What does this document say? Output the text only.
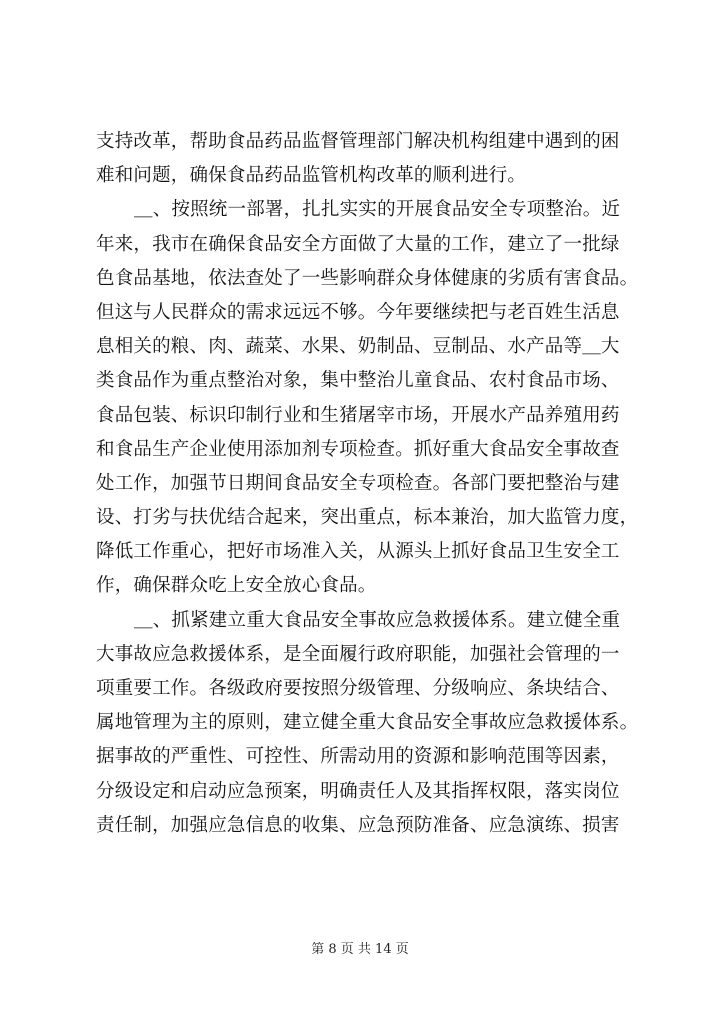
支持改革，帮助食品药品监督管理部门解决机构组建中遇到的困
难和问题，确保食品药品监管机构改革的顺利进行。
＿、按照统一部署，扎扎实实的开展食品安全专项整治。近
年来，我市在确保食品安全方面做了大量的工作，建立了一批绿
色食品基地，依法查处了一些影响群众身体健康的劣质有害食品。
但这与人民群众的需求远远不够。今年要继续把与老百姓生活息
息相关的粮、肉、蔬菜、水果、奶制品、豆制品、水产品等＿大
类食品作为重点整治对象，集中整治儿童食品、农村食品市场、
食品包装、标识印制行业和生猪屠宰市场，开展水产品养殖用药
和食品生产企业使用添加剂专项检查。抓好重大食品安全事故查
处工作，加强节日期间食品安全专项检查。各部门要把整治与建
设、打劣与扶优结合起来，突出重点，标本兼治，加大监管力度，
降低工作重心，把好市场准入关，从源头上抓好食品卫生安全工
作，确保群众吃上安全放心食品。
＿、抓紧建立重大食品安全事故应急救援体系。建立健全重
大事故应急救援体系，是全面履行政府职能，加强社会管理的一
项重要工作。各级政府要按照分级管理、分级响应、条块结合、
属地管理为主的原则，建立健全重大食品安全事故应急救援体系。
据事故的严重性、可控性、所需动用的资源和影响范围等因素，
分级设定和启动应急预案，明确责任人及其指挥权限，落实岗位
责任制，加强应急信息的收集、应急预防准备、应急演练、损害
第 8 页 共 14 页
